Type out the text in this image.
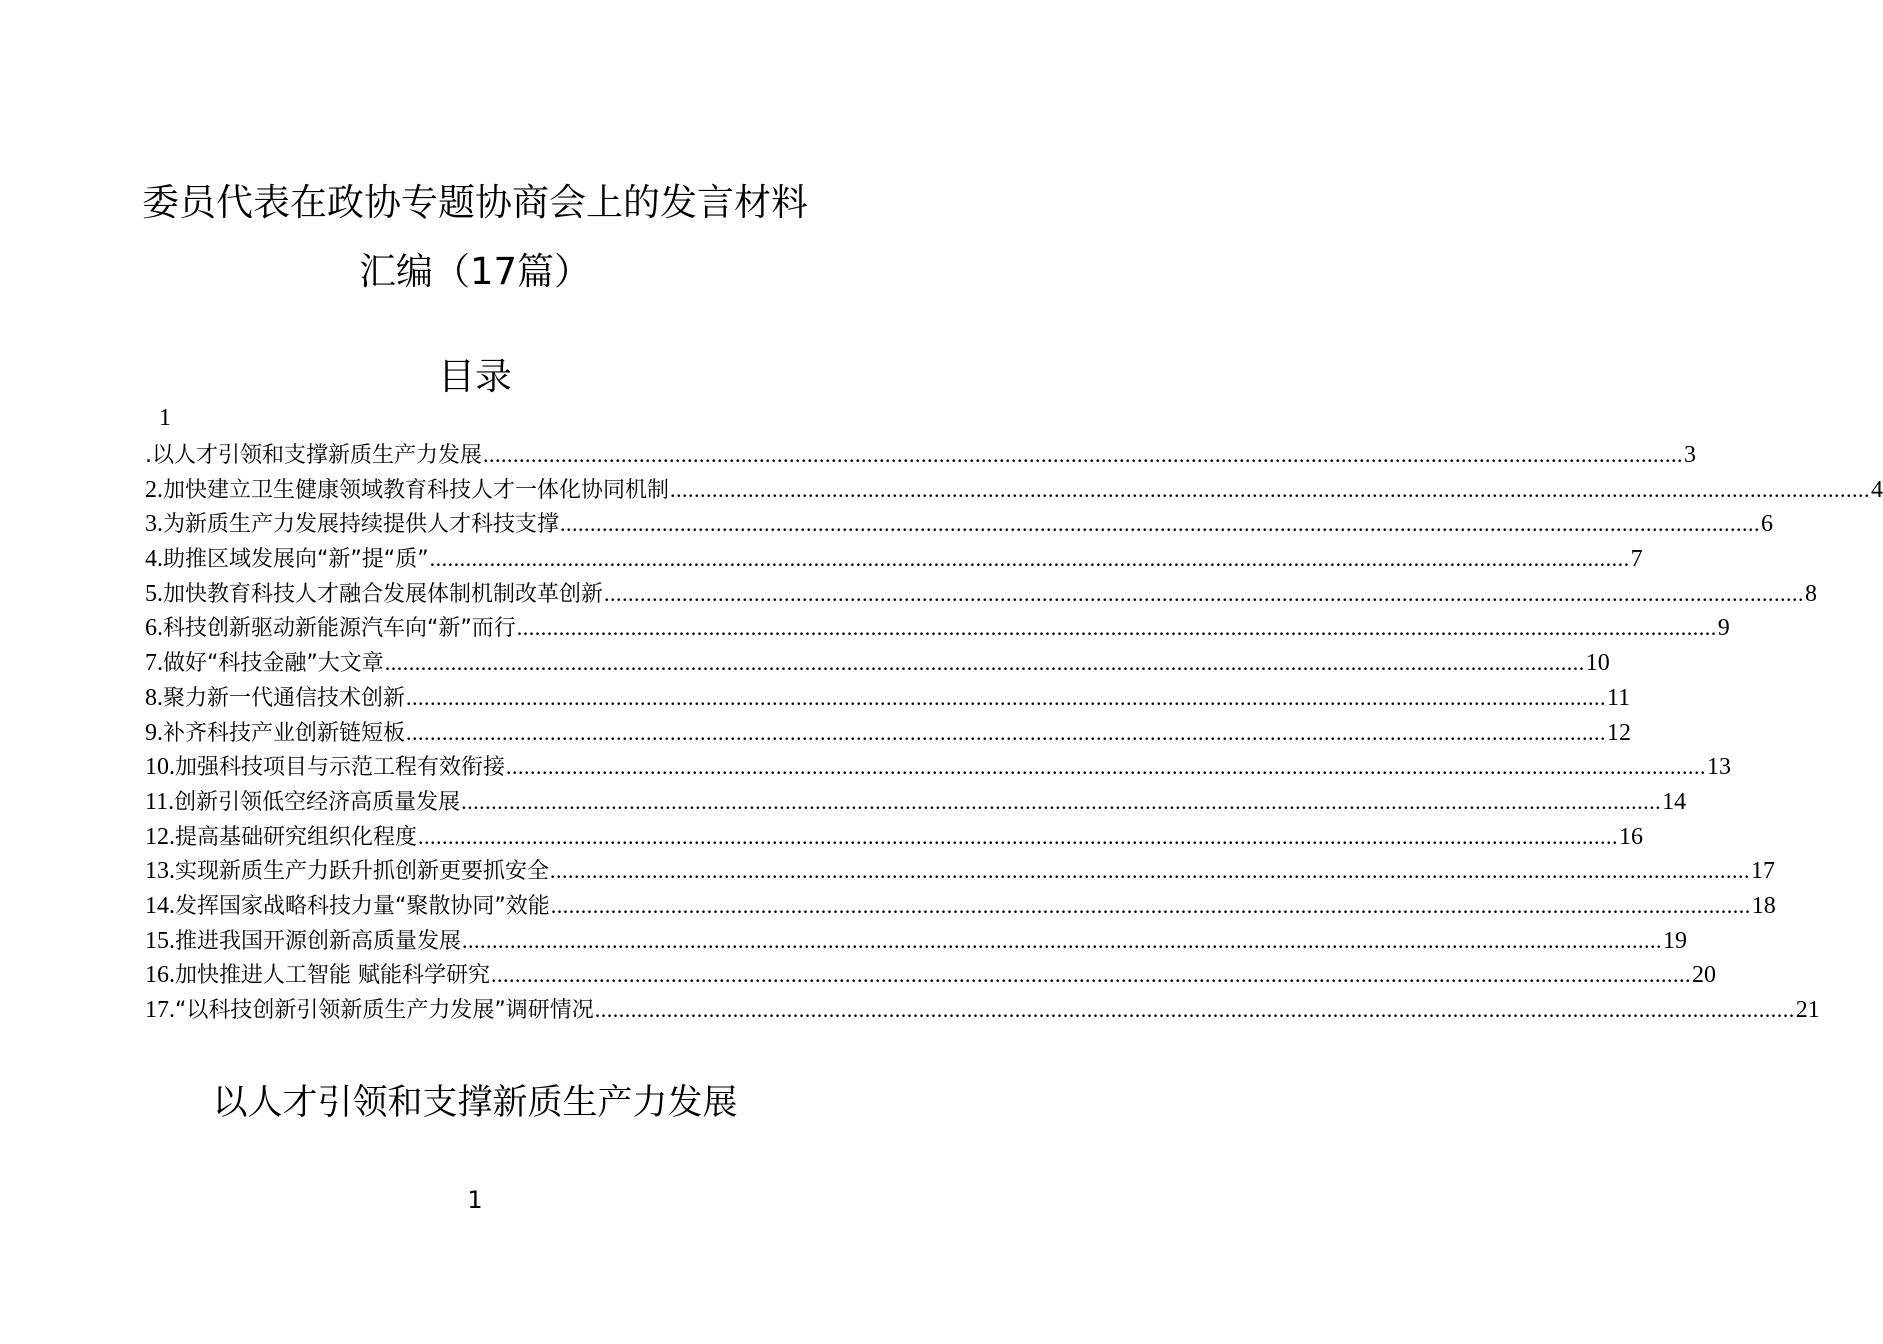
委员代表在政协专题协商会上的发言材料
汇编（17篇）
目录
1
.以人才引领和支撑新质生产力发展 ........................................................................................................................................................................................................ 3
2. 加快建立卫生健康领域教育科技人才一体化协同机制 ........................................................................................................................................................................................................ 4
3. 为新质生产力发展持续提供人才科技支撑 ........................................................................................................................................................................................................ 6
4. 助推区域发展向“新”提“质” ........................................................................................................................................................................................................ 7
5. 加快教育科技人才融合发展体制机制改革创新 ........................................................................................................................................................................................................ 8
6. 科技创新驱动新能源汽车向“新”而行 ........................................................................................................................................................................................................ 9
7. 做好“科技金融”大文章 ........................................................................................................................................................................................................ 10
8. 聚力新一代通信技术创新 ........................................................................................................................................................................................................ 11
9. 补齐科技产业创新链短板 ........................................................................................................................................................................................................ 12
10. 加强科技项目与示范工程有效衔接 ........................................................................................................................................................................................................ 13
11. 创新引领低空经济高质量发展 ........................................................................................................................................................................................................ 14
12. 提高基础研究组织化程度 ........................................................................................................................................................................................................ 16
13. 实现新质生产力跃升抓创新更要抓安全 ........................................................................................................................................................................................................ 17
14. 发挥国家战略科技力量“聚散协同”效能 ........................................................................................................................................................................................................ 18
15. 推进我国开源创新高质量发展 ........................................................................................................................................................................................................ 19
16. 加快推进人工智能 赋能科学研究 ........................................................................................................................................................................................................ 20
17. “以科技创新引领新质生产力发展”调研情况 ........................................................................................................................................................................................................ 21
以人才引领和支撑新质生产力发展
1
